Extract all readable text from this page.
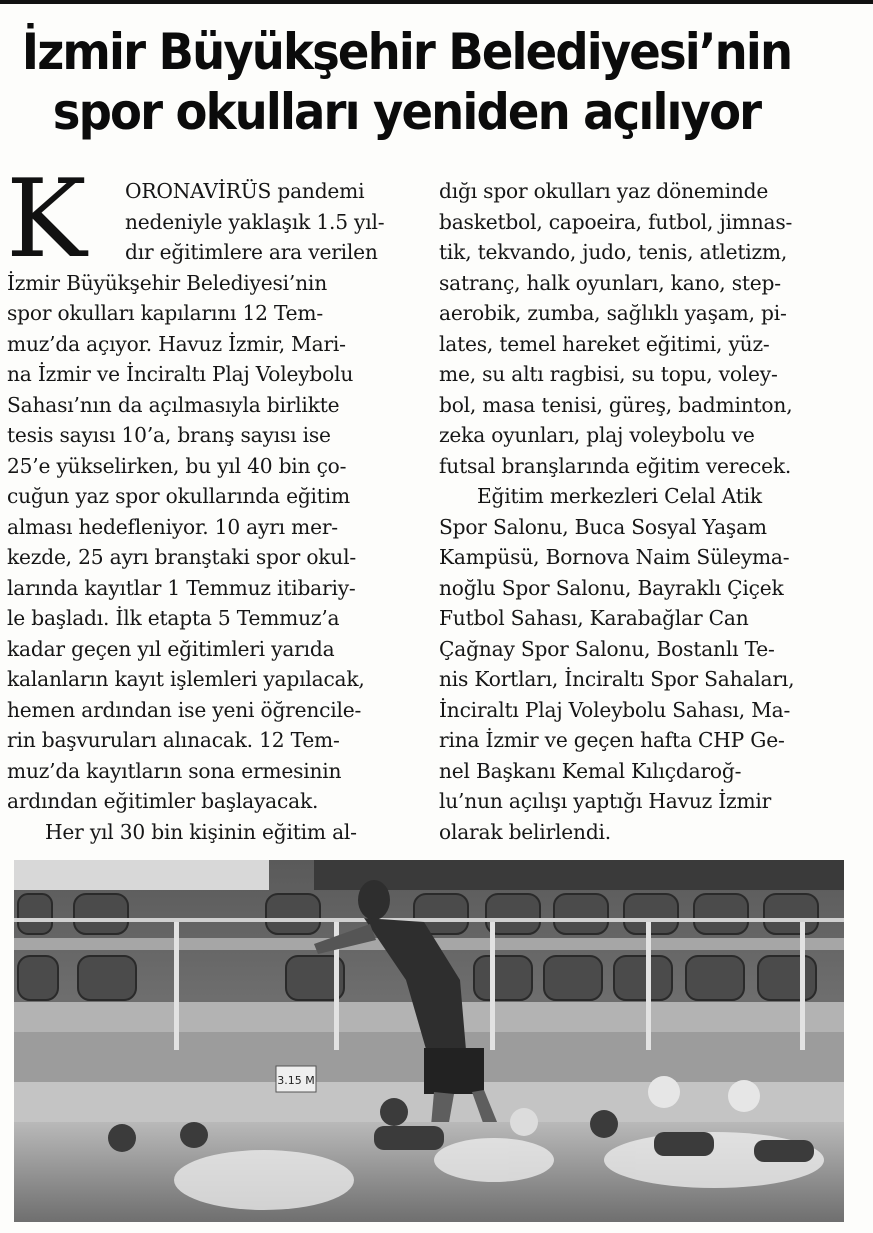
İzmir Büyükşehir Belediyesi’nin
spor okulları yeniden açılıyor
K	ORONAVİRÜS pandemi
nedeniyle yaklaşık 1.5 yıl-
dır eğitimlere ara verilen
İzmir Büyükşehir Belediyesi’nin
spor okulları kapılarını 12 Tem-
muz’da açıyor. Havuz İzmir, Mari-
na İzmir ve İnciraltı Plaj Voleybolu
Sahası’nın da açılmasıyla birlikte
tesis sayısı 10’a, branş sayısı ise
25’e yükselirken, bu yıl 40 bin ço-
cuğun yaz spor okullarında eğitim
alması hedefleniyor. 10 ayrı mer-
kezde, 25 ayrı branştaki spor okul-
larında kayıtlar 1 Temmuz itibariy-
le başladı. İlk etapta 5 Temmuz’a
kadar geçen yıl eğitimleri yarıda
kalanların kayıt işlemleri yapılacak,
hemen ardından ise yeni öğrencile-
rin başvuruları alınacak. 12 Tem-
muz’da kayıtların sona ermesinin
ardından eğitimler başlayacak.
Her yıl 30 bin kişinin eğitim al-
dığı spor okulları yaz döneminde
basketbol, capoeira, futbol, jimnas-
tik, tekvando, judo, tenis, atletizm,
satranç, halk oyunları, kano, step-
aerobik, zumba, sağlıklı yaşam, pi-
lates, temel hareket eğitimi, yüz-
me, su altı ragbisi, su topu, voley-
bol, masa tenisi, güreş, badminton,
zeka oyunları, plaj voleybolu ve
futsal branşlarında eğitim verecek.
Eğitim merkezleri Celal Atik
Spor Salonu, Buca Sosyal Yaşam
Kampüsü, Bornova Naim Süleyma-
noğlu Spor Salonu, Bayraklı Çiçek
Futbol Sahası, Karabağlar Can
Çağnay Spor Salonu, Bostanlı Te-
nis Kortları, İnciraltı Spor Sahaları,
İnciraltı Plaj Voleybolu Sahası, Ma-
rina İzmir ve geçen hafta CHP Ge-
nel Başkanı Kemal Kılıçdaroğ-
lu’nun açılışı yaptığı Havuz İzmir
olarak belirlendi.
3.15 M
